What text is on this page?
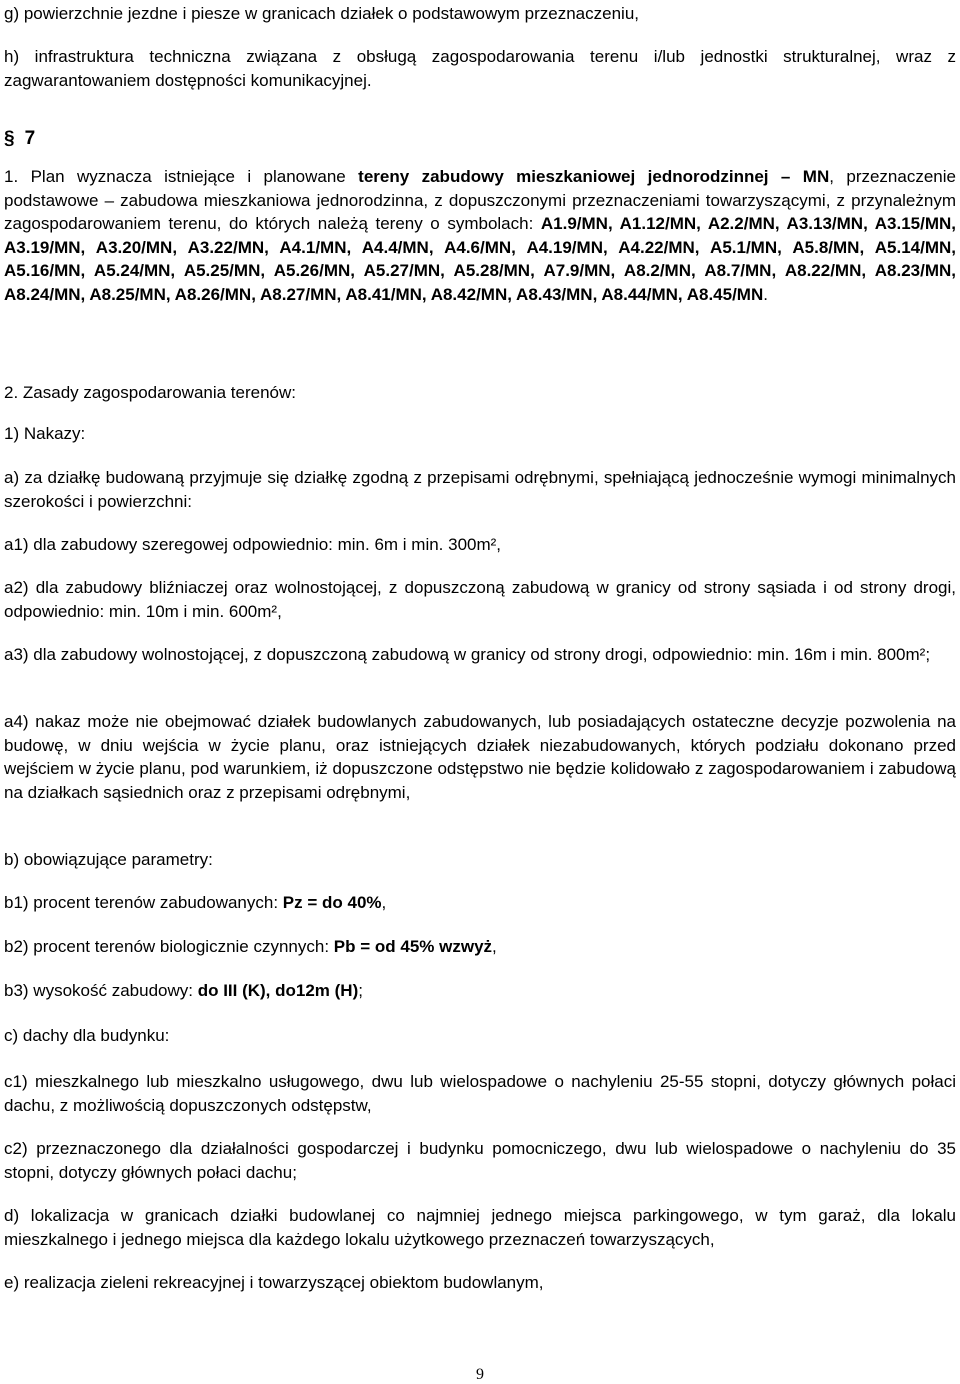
g) powierzchnie jezdne i piesze w granicach działek o podstawowym przeznaczeniu,

h) infrastruktura techniczna związana z obsługą zagospodarowania terenu i/lub jednostki strukturalnej, wraz z zagwarantowaniem dostępności komunikacyjnej.

§ 7

1. Plan wyznacza istniejące i planowane tereny zabudowy mieszkaniowej jednorodzinnej – MN, przeznaczenie podstawowe – zabudowa mieszkaniowa jednorodzinna, z dopuszczonymi przeznaczeniami towarzyszącymi, z przynależnym zagospodarowaniem terenu, do których należą tereny o symbolach: A1.9/MN, A1.12/MN, A2.2/MN, A3.13/MN, A3.15/MN, A3.19/MN, A3.20/MN, A3.22/MN, A4.1/MN, A4.4/MN, A4.6/MN, A4.19/MN, A4.22/MN, A5.1/MN, A5.8/MN, A5.14/MN, A5.16/MN, A5.24/MN, A5.25/MN, A5.26/MN, A5.27/MN, A5.28/MN, A7.9/MN, A8.2/MN, A8.7/MN, A8.22/MN, A8.23/MN, A8.24/MN, A8.25/MN, A8.26/MN, A8.27/MN, A8.41/MN, A8.42/MN, A8.43/MN, A8.44/MN, A8.45/MN.

2. Zasady zagospodarowania terenów:

1) Nakazy:

a) za działkę budowaną przyjmuje się działkę zgodną z przepisami odrębnymi, spełniającą jednocześnie wymogi minimalnych szerokości i powierzchni:

a1) dla zabudowy szeregowej odpowiednio: min. 6m i min. 300m²,

a2) dla zabudowy bliźniaczej oraz wolnostojącej, z dopuszczoną zabudową w granicy od strony sąsiada i od strony drogi, odpowiednio: min. 10m i min. 600m²,

a3) dla zabudowy wolnostojącej, z dopuszczoną zabudową w granicy od strony drogi, odpowiednio: min. 16m i min. 800m²;

a4) nakaz może nie obejmować działek budowlanych zabudowanych, lub posiadających ostateczne decyzje pozwolenia na budowę, w dniu wejścia w życie planu, oraz istniejących działek niezabudowanych, których podziału dokonano przed wejściem w życie planu, pod warunkiem, iż dopuszczone odstępstwo nie będzie kolidowało z zagospodarowaniem i zabudową na działkach sąsiednich oraz z przepisami odrębnymi,

b) obowiązujące parametry:

b1) procent terenów zabudowanych: Pz = do 40%,

b2) procent terenów biologicznie czynnych: Pb = od 45% wzwyż,

b3) wysokość zabudowy: do III (K), do12m (H);

c) dachy dla budynku:

c1) mieszkalnego lub mieszkalno usługowego, dwu lub wielospadowe o nachyleniu 25-55 stopni, dotyczy głównych połaci dachu, z możliwością dopuszczonych odstępstw,

c2) przeznaczonego dla działalności gospodarczej i budynku pomocniczego, dwu lub wielospadowe o nachyleniu do 35 stopni, dotyczy głównych połaci dachu;

d) lokalizacja w granicach działki budowlanej co najmniej jednego miejsca parkingowego, w tym garaż, dla lokalu mieszkalnego i jednego miejsca dla każdego lokalu użytkowego przeznaczeń towarzyszących,

e) realizacja zieleni rekreacyjnej i towarzyszącej obiektom budowlanym,

9
